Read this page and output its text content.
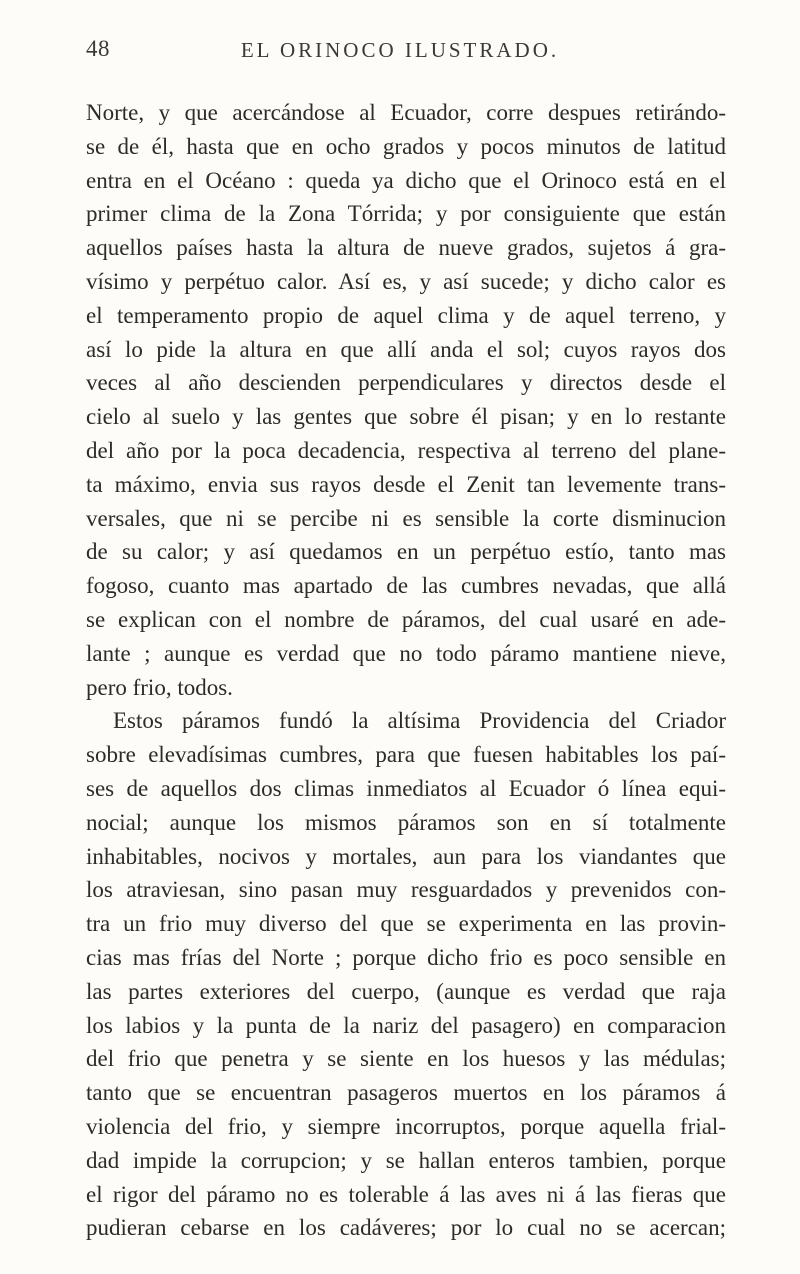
48	EL ORINOCO ILUSTRADO.
Norte, y que acercándose al Ecuador, corre despues retirándo-
se de él, hasta que en ocho grados y pocos minutos de latitud
entra en el Océano : queda ya dicho que el Orinoco está en el
primer clima de la Zona Tórrida; y por consiguiente que están
aquellos países hasta la altura de nueve grados, sujetos á gra-
vísimo y perpétuo calor. Así es, y así sucede; y dicho calor es
el temperamento propio de aquel clima y de aquel terreno, y
así lo pide la altura en que allí anda el sol; cuyos rayos dos
veces al año descienden perpendiculares y directos desde el
cielo al suelo y las gentes que sobre él pisan; y en lo restante
del año por la poca decadencia, respectiva al terreno del plane-
ta máximo, envia sus rayos desde el Zenit tan levemente trans-
versales, que ni se percibe ni es sensible la corte disminucion
de su calor; y así quedamos en un perpétuo estío, tanto mas
fogoso, cuanto mas apartado de las cumbres nevadas, que allá
se explican con el nombre de páramos, del cual usaré en ade-
lante ; aunque es verdad que no todo páramo mantiene nieve,
pero frio, todos.
Estos páramos fundó la altísima Providencia del Criador
sobre elevadísimas cumbres, para que fuesen habitables los paí-
ses de aquellos dos climas inmediatos al Ecuador ó línea equi-
nocial; aunque los mismos páramos son en sí totalmente
inhabitables, nocivos y mortales, aun para los viandantes que
los atraviesan, sino pasan muy resguardados y prevenidos con-
tra un frio muy diverso del que se experimenta en las provin-
cias mas frías del Norte ; porque dicho frio es poco sensible en
las partes exteriores del cuerpo, (aunque es verdad que raja
los labios y la punta de la nariz del pasagero) en comparacion
del frio que penetra y se siente en los huesos y las médulas;
tanto que se encuentran pasageros muertos en los páramos á
violencia del frio, y siempre incorruptos, porque aquella frial-
dad impide la corrupcion; y se hallan enteros tambien, porque
el rigor del páramo no es tolerable á las aves ni á las fieras que
pudieran cebarse en los cadáveres; por lo cual no se acercan;
